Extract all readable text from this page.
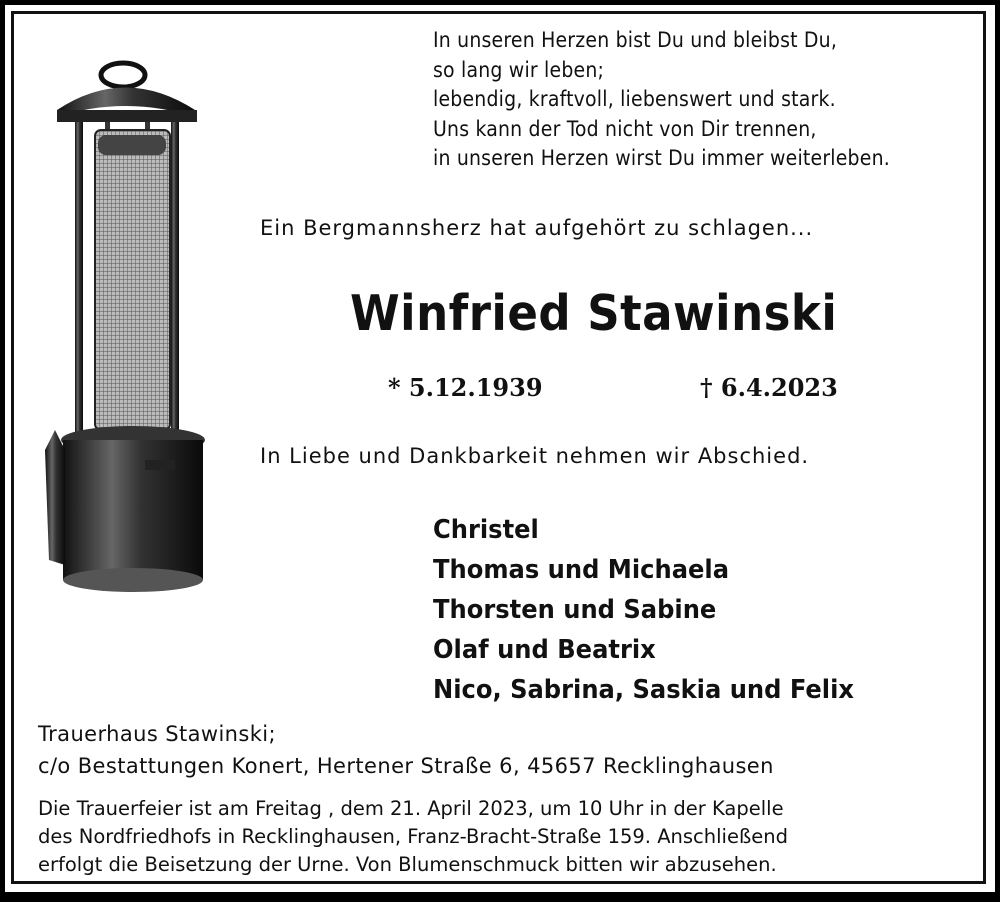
In unseren Herzen bist Du und bleibst Du,
so lang wir leben;
lebendig, kraftvoll, liebenswert und stark.
Uns kann der Tod nicht von Dir trennen,
in unseren Herzen wirst Du immer weiterleben.
Ein Bergmannsherz hat aufgehört zu schlagen...
Winfried Stawinski
* 5.12.1939	† 6.4.2023
In Liebe und Dankbarkeit nehmen wir Abschied.
Christel
Thomas und Michaela
Thorsten und Sabine
Olaf und Beatrix
Nico, Sabrina, Saskia und Felix
Trauerhaus Stawinski;
c/o Bestattungen Konert, Hertener Straße 6, 45657 Recklinghausen
Die Trauerfeier ist am Freitag , dem 21. April 2023, um 10 Uhr in der Kapelle
des Nordfriedhofs in Recklinghausen, Franz-Bracht-Straße 159. Anschließend
erfolgt die Beisetzung der Urne. Von Blumenschmuck bitten wir abzusehen.
